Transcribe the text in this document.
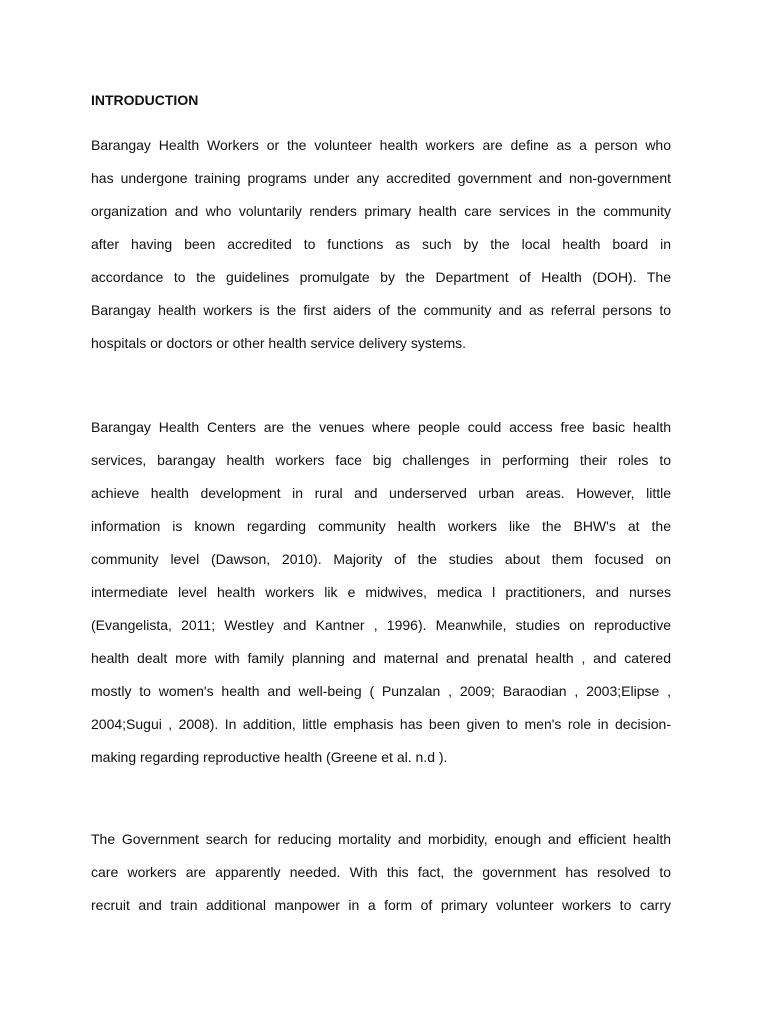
INTRODUCTION
Barangay Health Workers or the volunteer health workers are define as a person who
has undergone training programs under any accredited government and non-government
organization and who voluntarily renders primary health care services in the community
after having been accredited to functions as such by the local health board in
accordance to the guidelines promulgate by the Department of Health (DOH). The
Barangay health workers is the first aiders of the community and as referral persons to
hospitals or doctors or other health service delivery systems.
Barangay Health Centers are the venues where people could access free basic health
services, barangay health workers face big challenges in performing their roles to
achieve health development in rural and underserved urban areas. However, little
information is known regarding community health workers like the BHW's at the
community level (Dawson, 2010). Majority of the studies about them focused on
intermediate level health workers lik e midwives, medica l practitioners, and nurses
(Evangelista, 2011; Westley and Kantner , 1996). Meanwhile, studies on reproductive
health dealt more with family planning and maternal and prenatal health , and catered
mostly to women's health and well-being ( Punzalan , 2009; Baraodian , 2003;Elipse ,
2004;Sugui , 2008). In addition, little emphasis has been given to men's role in decision-
making regarding reproductive health (Greene et al. n.d ).
The Government search for reducing mortality and morbidity, enough and efficient health
care workers are apparently needed. With this fact, the government has resolved to
recruit and train additional manpower in a form of primary volunteer workers to carry
